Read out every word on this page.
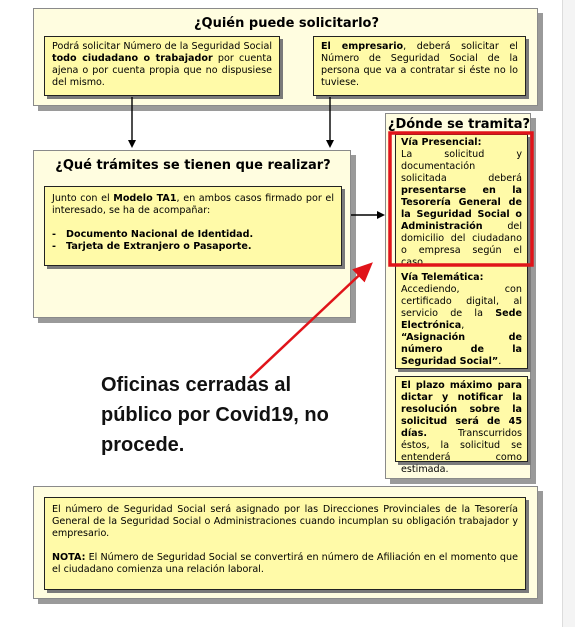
¿Quién puede solicitarlo?
Podrá solicitar Número de la Seguridad Social todo ciudadano o trabajador por cuenta ajena o por cuenta propia que no dispusiese del mismo.
El empresario, deberá solicitar el Número de Seguridad Social de la persona que va a contratar si éste no lo tuviese.
¿Qué trámites se tienen que realizar?

Junto con el Modelo TA1, en ambos casos firmado por el interesado, se ha de acompañar:

-   Documento Nacional de Identidad.
-   Tarjeta de Extranjero o Pasaporte.
¿Dónde se tramita?

Vía Presencial:

La solicitud y documentación solicitada deberá presentarse en la Tesorería General de la Seguridad Social o Administración del domicilio del ciudadano o empresa según el caso.

Vía Telemática:

Accediendo, con certificado digital, al servicio de la Sede Electrónica, “Asignación de número de la Seguridad Social”.

El plazo máximo para dictar y notificar la resolución sobre la solicitud será de 45 días. Transcurridos éstos, la solicitud se entenderá como estimada.

El número de Seguridad Social será asignado por las Direcciones Provinciales de la Tesorería General de la Seguridad Social o Administraciones cuando incumplan su obligación trabajador y empresario.

NOTA: El Número de Seguridad Social se convertirá en número de Afiliación en el momento que el ciudadano comienza una relación laboral.

Oficinas cerradas al público por Covid19, no procede.
